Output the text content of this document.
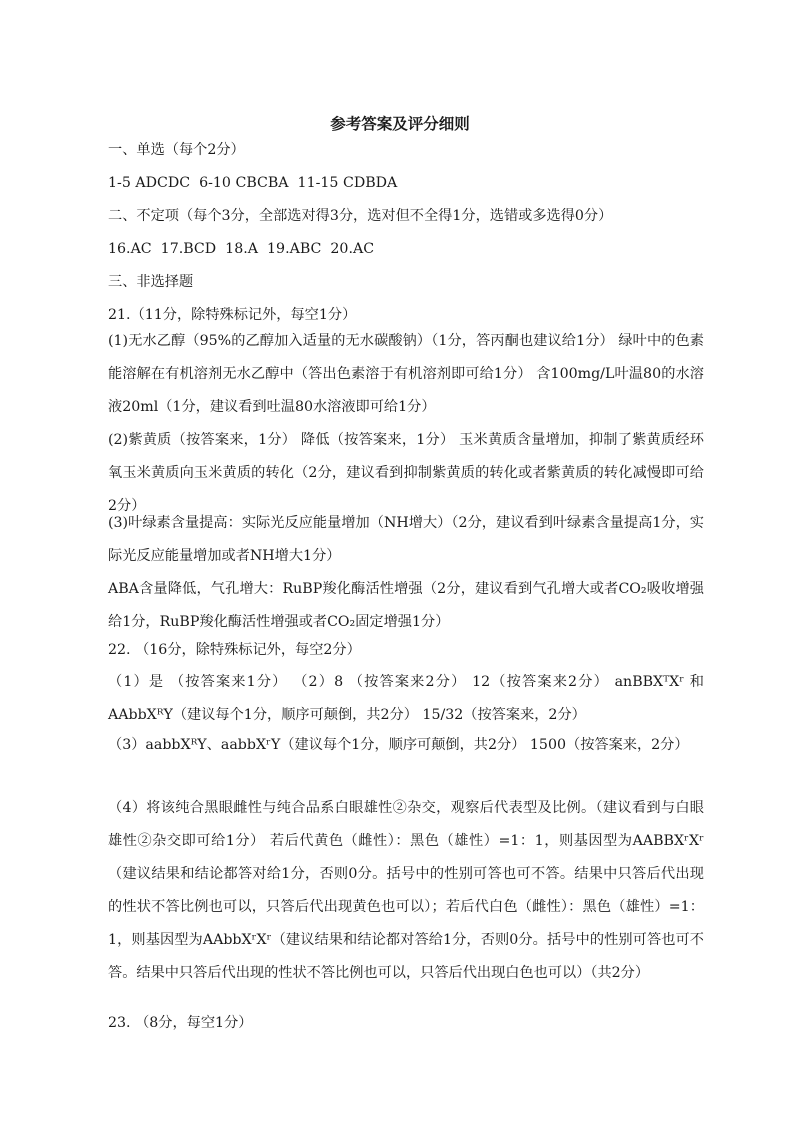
参考答案及评分细则
一、单选（每个2分）
1-5 ADCDC  6-10 CBCBA  11-15 CDBDA
二、不定项（每个3分，全部选对得3分，选对但不全得1分，选错或多选得0分）
16.AC  17.BCD  18.A  19.ABC  20.AC
三、非选择题
21.（11分，除特殊标记外，每空1分）
(1)无水乙醇（95%的乙醇加入适量的无水碳酸钠）（1分，答丙酮也建议给1分） 绿叶中的色素能溶解在有机溶剂无水乙醇中（答出色素溶于有机溶剂即可给1分） 含100mg/L叶温80的水溶液20ml（1分，建议看到吐温80水溶液即可给1分）
(2)紫黄质（按答案来，1分） 降低（按答案来，1分） 玉米黄质含量增加，抑制了紫黄质经环氧玉米黄质向玉米黄质的转化（2分，建议看到抑制紫黄质的转化或者紫黄质的转化减慢即可给2分）
(3)叶绿素含量提高：实际光反应能量增加（NH增大）（2分，建议看到叶绿素含量提高1分，实际光反应能量增加或者NH增大1分）
ABA含量降低，气孔增大：RuBP羧化酶活性增强（2分，建议看到气孔增大或者CO₂吸收增强给1分，RuBP羧化酶活性增强或者CO₂固定增强1分）
22. （16分，除特殊标记外，每空2分）
（1）是 （按答案来1分） （2）8 （按答案来2分） 12（按答案来2分） anBBXᵀXʳ 和AAbbXᴿY（建议每个1分，顺序可颠倒，共2分） 15/32（按答案来，2分）
（3）aabbXᴿY、aabbXʳY（建议每个1分，顺序可颠倒，共2分） 1500（按答案来，2分）
（4）将该纯合黑眼雌性与纯合品系白眼雄性②杂交，观察后代表型及比例。（建议看到与白眼雄性②杂交即可给1分） 若后代黄色（雌性）：黑色（雄性）=1：1，则基因型为AABBXʳXʳ（建议结果和结论都答对给1分，否则0分。括号中的性别可答也可不答。结果中只答后代出现的性状不答比例也可以，只答后代出现黄色也可以）；若后代白色（雌性）：黑色（雄性）=1：1，则基因型为AAbbXʳXʳ（建议结果和结论都对答给1分，否则0分。括号中的性别可答也可不答。结果中只答后代出现的性状不答比例也可以，只答后代出现白色也可以）（共2分）
23. （8分，每空1分）
